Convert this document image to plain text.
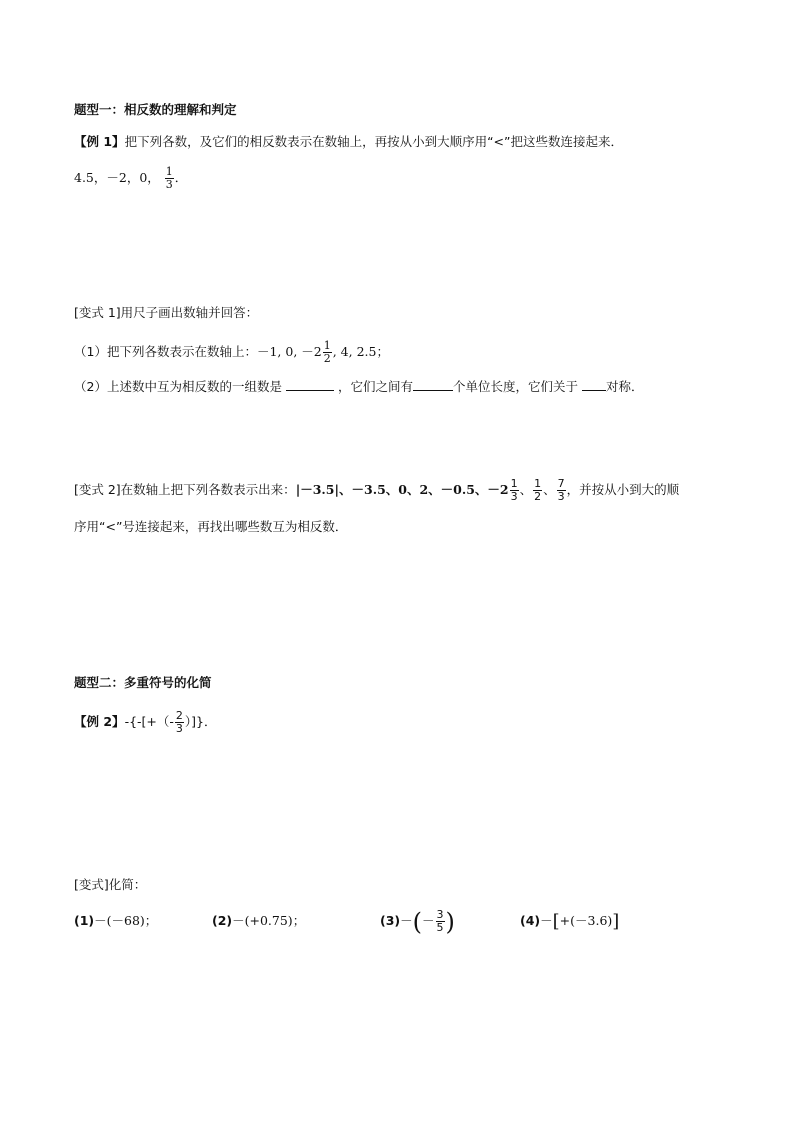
题型一：相反数的理解和判定
【例 1】把下列各数，及它们的相反数表示在数轴上，再按从小到大顺序用“<”把这些数连接起来．
4.5，－2，0， $\frac{1}{3}$ ．
[变式 1]用尺子画出数轴并回答：
（1）把下列各数表示在数轴上：－1, 0, $-2 \frac{1}{2}$ , 4, 2.5；
（2）上述数中互为相反数的一组数是	，它们之间有	个单位长度，它们关于 对称．
[变式 2]在数轴上把下列各数表示出来：|－3.5|、－3.5、0、2、－0.5、$-2 \frac{1}{3}$ 、 $\frac{1}{2}$ 、 $\frac{7}{3}$ ，并按从小到大的顺
序用“<”号连接起来，再找出哪些数互为相反数．
题型二：多重符号的化简
【例 2】-{-[+（- $\frac{2}{3}$ ）]}．
[变式]化简：
(1)－(－68)；	(2)－(+0.75)；	$(3)-(- \frac{3}{5}$ )	(4)－[+(－3.6)]
